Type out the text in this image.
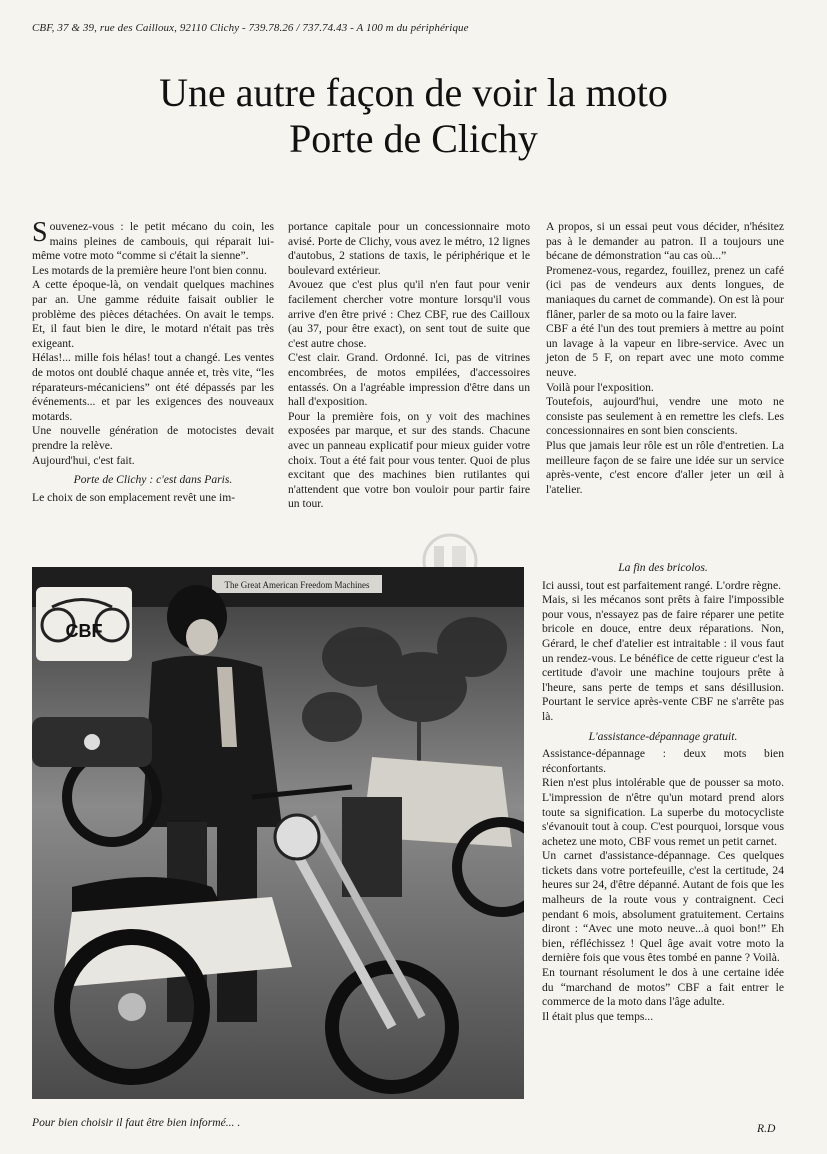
CBF, 37 & 39, rue des Cailloux, 92110 Clichy - 739.78.26 / 737.74.43 - A 100 m du périphérique
Une autre façon de voir la moto
Porte de Clichy

Souvenez-vous : le petit mécano du coin, les mains pleines de cambouis, qui réparait lui-même votre moto “comme si c'était la sienne”.

Les motards de la première heure l'ont bien connu.

A cette époque-là, on vendait quelques machines par an. Une gamme réduite faisait oublier le problème des pièces détachées. On avait le temps. Et, il faut bien le dire, le motard n'était pas très exigeant.

Hélas!... mille fois hélas! tout a changé. Les ventes de motos ont doublé chaque année et, très vite, “les réparateurs-mécaniciens” ont été dépassés par les événements... et par les exigences des nouveaux motards.

Une nouvelle génération de motocistes devait prendre la relève.

Aujourd'hui, c'est fait.

Porte de Clichy : c'est dans Paris.

Le choix de son emplacement revêt une im-

portance capitale pour un concessionnaire moto avisé. Porte de Clichy, vous avez le métro, 12 lignes d'autobus, 2 stations de taxis, le périphérique et le boulevard extérieur.

Avouez que c'est plus qu'il n'en faut pour venir facilement chercher votre monture lorsqu'il vous arrive d'en être privé : Chez CBF, rue des Cailloux (au 37, pour être exact), on sent tout de suite que c'est autre chose.

C'est clair. Grand. Ordonné. Ici, pas de vitrines encombrées, de motos empilées, d'accessoires entassés. On a l'agréable impression d'être dans un hall d'exposition.

Pour la première fois, on y voit des machines exposées par marque, et sur des stands. Chacune avec un panneau explicatif pour mieux guider votre choix. Tout a été fait pour vous tenter. Quoi de plus excitant que des machines bien rutilantes qui n'attendent que votre bon vouloir pour partir faire un tour.

A propos, si un essai peut vous décider, n'hésitez pas à le demander au patron. Il a toujours une bécane de démonstration “au cas où...”

Promenez-vous, regardez, fouillez, prenez un café (ici pas de vendeurs aux dents longues, de maniaques du carnet de commande). On est là pour flâner, parler de sa moto ou la faire laver.

CBF a été l'un des tout premiers à mettre au point un lavage à la vapeur en libre-service. Avec un jeton de 5 F, on repart avec une moto comme neuve.

Voilà pour l'exposition.

Toutefois, aujourd'hui, vendre une moto ne consiste pas seulement à en remettre les clefs. Les concessionnaires en sont bien conscients.

Plus que jamais leur rôle est un rôle d'entretien. La meilleure façon de se faire une idée sur un service après-vente, c'est encore d'aller jeter un œil à l'atelier.

La fin des bricolos.

Ici aussi, tout est parfaitement rangé. L'ordre règne.

Mais, si les mécanos sont prêts à faire l'impossible pour vous, n'essayez pas de faire réparer une petite bricole en douce, entre deux réparations. Non, Gérard, le chef d'atelier est intraitable : il vous faut un rendez-vous. Le bénéfice de cette rigueur c'est la certitude d'avoir une machine toujours prête à l'heure, sans perte de temps et sans désillusion. Pourtant le service après-vente CBF ne s'arrête pas là.

L'assistance-dépannage gratuit.

Assistance-dépannage : deux mots bien réconfortants.

Rien n'est plus intolérable que de pousser sa moto. L'impression de n'être qu'un motard prend alors toute sa signification. La superbe du motocycliste s'évanouit tout à coup. C'est pourquoi, lorsque vous achetez une moto, CBF vous remet un petit carnet.

Un carnet d'assistance-dépannage. Ces quelques tickets dans votre portefeuille, c'est la certitude, 24 heures sur 24, d'être dépanné. Autant de fois que les malheurs de la route vous y contraignent. Ceci pendant 6 mois, absolument gratuitement. Certains diront : “Avec une moto neuve...à quoi bon!” Eh bien, réfléchissez ! Quel âge avait votre moto la dernière fois que vous êtes tombé en panne ? Voilà.

En tournant résolument le dos à une certaine idée du “marchand de motos” CBF a fait entrer le commerce de la moto dans l'âge adulte.

Il était plus que temps...

The Great American Freedom Machines
CBF
Pour bien choisir il faut être bien informé... .	R.D
